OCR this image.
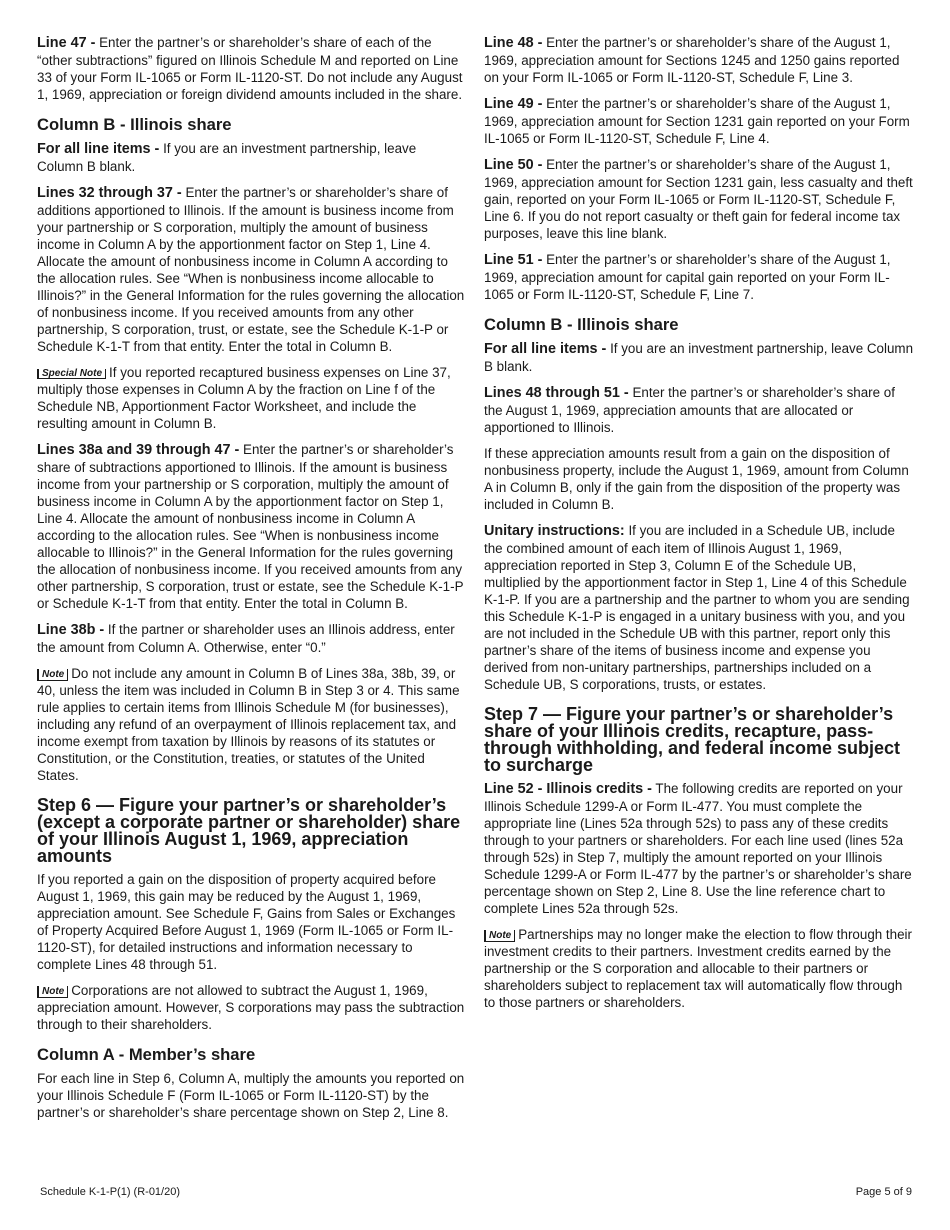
Line 47 - Enter the partner’s or shareholder’s share of each of the “other subtractions” figured on Illinois Schedule M and reported on Line 33 of your Form IL-1065 or Form IL-1120-ST. Do not include any August 1, 1969, appreciation or foreign dividend amounts included in the share.

Column B - Illinois share

For all line items - If you are an investment partnership, leave Column B blank.

Lines 32 through 37 - Enter the partner’s or shareholder’s share of additions apportioned to Illinois. If the amount is business income from your partnership or S corporation, multiply the amount of business income in Column A by the apportionment factor on Step 1, Line 4. Allocate the amount of nonbusiness income in Column A according to the allocation rules. See “When is nonbusiness income allocable to Illinois?” in the General Information for the rules governing the allocation of nonbusiness income. If you received amounts from any other partnership, S corporation, trust, or estate, see the Schedule K-1-P or Schedule K-1-T from that entity. Enter the total in Column B.

Special Note If you reported recaptured business expenses on Line 37, multiply those expenses in Column A by the fraction on Line f of the Schedule NB, Apportionment Factor Worksheet, and include the resulting amount in Column B.

Lines 38a and 39 through 47 - Enter the partner’s or shareholder’s share of subtractions apportioned to Illinois. If the amount is business income from your partnership or S corporation, multiply the amount of business income in Column A by the apportionment factor on Step 1, Line 4. Allocate the amount of nonbusiness income in Column A according to the allocation rules. See “When is nonbusiness income allocable to Illinois?” in the General Information for the rules governing the allocation of nonbusiness income. If you received amounts from any other partnership, S corporation, trust or estate, see the Schedule K-1-P or Schedule K-1-T from that entity. Enter the total in Column B.

Line 38b - If the partner or shareholder uses an Illinois address, enter the amount from Column A. Otherwise, enter “0.”

Note Do not include any amount in Column B of Lines 38a, 38b, 39, or 40, unless the item was included in Column B in Step 3 or 4. This same rule applies to certain items from Illinois Schedule M (for businesses), including any refund of an overpayment of Illinois replacement tax, and income exempt from taxation by Illinois by reasons of its statutes or Constitution, or the Constitution, treaties, or statutes of the United States.

Step 6 — Figure your partner’s or shareholder’s (except a corporate partner or shareholder) share of your Illinois August 1, 1969, appreciation amounts

If you reported a gain on the disposition of property acquired before August 1, 1969, this gain may be reduced by the August 1, 1969, appreciation amount. See Schedule F, Gains from Sales or Exchanges of Property Acquired Before August 1, 1969 (Form IL-1065 or Form IL-1120-ST), for detailed instructions and information necessary to complete Lines 48 through 51.

Note Corporations are not allowed to subtract the August 1, 1969, appreciation amount. However, S corporations may pass the subtraction through to their shareholders.

Column A - Member’s share

For each line in Step 6, Column A, multiply the amounts you reported on your Illinois Schedule F (Form IL-1065 or Form IL-1120-ST) by the partner’s or shareholder’s share percentage shown on Step 2, Line 8.

Line 48 - Enter the partner’s or shareholder’s share of the August 1, 1969, appreciation amount for Sections 1245 and 1250 gains reported on your Form IL-1065 or Form IL-1120-ST, Schedule F, Line 3.

Line 49 - Enter the partner’s or shareholder’s share of the August 1, 1969, appreciation amount for Section 1231 gain reported on your Form IL-1065 or Form IL-1120-ST, Schedule F, Line 4.

Line 50 - Enter the partner’s or shareholder’s share of the August 1, 1969, appreciation amount for Section 1231 gain, less casualty and theft gain, reported on your Form IL-1065 or Form IL-1120-ST, Schedule F, Line 6. If you do not report casualty or theft gain for federal income tax purposes, leave this line blank.

Line 51 - Enter the partner’s or shareholder’s share of the August 1, 1969, appreciation amount for capital gain reported on your Form IL-1065 or Form IL-1120-ST, Schedule F, Line 7.

Column B - Illinois share

For all line items - If you are an investment partnership, leave Column B blank.

Lines 48 through 51 - Enter the partner’s or shareholder’s share of the August 1, 1969, appreciation amounts that are allocated or apportioned to Illinois.

If these appreciation amounts result from a gain on the disposition of nonbusiness property, include the August 1, 1969, amount from Column A in Column B, only if the gain from the disposition of the property was included in Column B.

Unitary instructions: If you are included in a Schedule UB, include the combined amount of each item of Illinois August 1, 1969, appreciation reported in Step 3, Column E of the Schedule UB, multiplied by the apportionment factor in Step 1, Line 4 of this Schedule K-1-P. If you are a partnership and the partner to whom you are sending this Schedule K-1-P is engaged in a unitary business with you, and you are not included in the Schedule UB with this partner, report only this partner’s share of the items of business income and expense you derived from non-unitary partnerships, partnerships included on a Schedule UB, S corporations, trusts, or estates.

Step 7 — Figure your partner’s or shareholder’s share of your Illinois credits, recapture, pass-through withholding, and federal income subject to surcharge

Line 52 - Illinois credits - The following credits are reported on your Illinois Schedule 1299-A or Form IL-477. You must complete the appropriate line (Lines 52a through 52s) to pass any of these credits through to your partners or shareholders. For each line used (lines 52a through 52s) in Step 7, multiply the amount reported on your Illinois Schedule 1299-A or Form IL-477 by the partner’s or shareholder’s share percentage shown on Step 2, Line 8. Use the line reference chart to complete Lines 52a through 52s.

Note Partnerships may no longer make the election to flow through their investment credits to their partners. Investment credits earned by the partnership or the S corporation and allocable to their partners or shareholders subject to replacement tax will automatically flow through to those partners or shareholders.

Schedule K-1-P(1) (R-01/20)	Page 5 of 9
